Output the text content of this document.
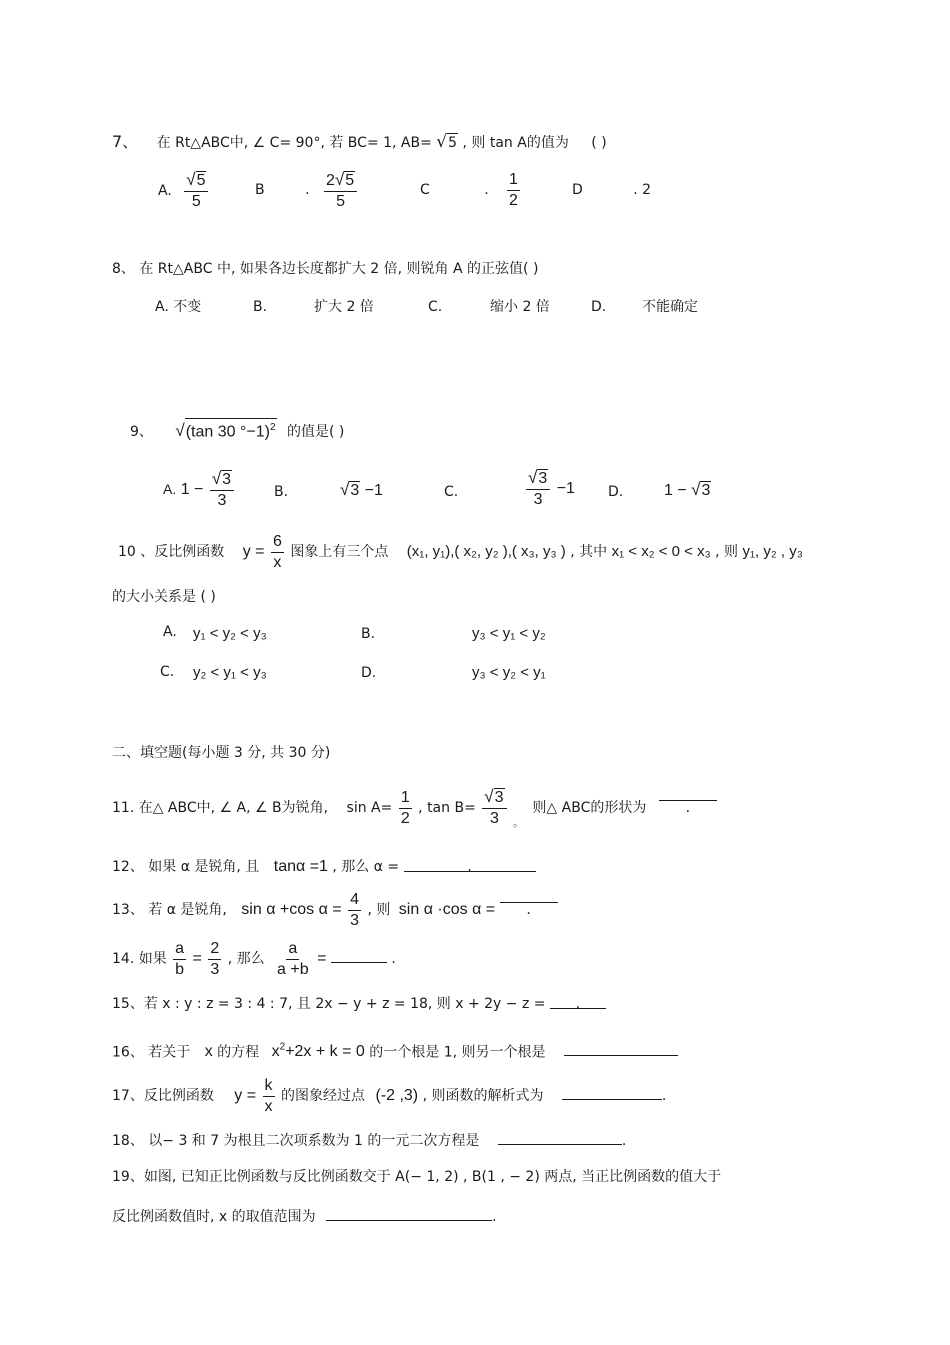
7、 在 Rt△ABC中, ∠ C= 90°, 若 BC= 1, AB= √ 5 , 则 tan A的值为 ( )
A. $\frac{√ 5}{5}$	B	. $\frac{2 √ 5}{5}$	C	. $\frac{1}{2}$	D	. 2
8、 在 Rt△ABC 中, 如果各边长度都扩大 2 倍, 则锐角 A 的正弦值( )
A. 不变	B.	扩大 2 倍	C.	缩小 2 倍	D.	不能确定
9、 √ (tan 30 °−1)$^2$ 的值是( )
A. $1 - \frac{√ 3}{3}$	B.	√ 3 −1	C.	$\frac{√ 3}{3} -1$ D.	1 − √ 3
10 、反比例函数 $y = \frac{6}{x}$ 图象上有三个点 (x₁, y₁),( x₂, y₂ ),( x₃, y₃ ) , 其中 x₁ < x₂ < 0 < x₃ , 则 y₁, y₂ , y₃
的大小关系是 ( )
A. y₁ < y₂ < y₃	B.	y₃ < y₁ < y₂
C. y₂ < y₁ < y₃	D.	y₃ < y₂ < y₁
二、填空题(每小题 3 分, 共 30 分)
11. 在△ ABC中, ∠ A, ∠ B为锐角, $\sin A= \frac{1}{2}$ , $\tan B= \frac{√ 3}{3} _。$ 则△ ABC的形状为	.
12、 如果 α 是锐角, 且 tanα =1 , 那么 α =	.
13、 若 α 是锐角, sin α +cos $\alpha = \frac{4}{3}$ , 则 sin α ·cos α = .
14. 如果 $\frac{a}{b} = \frac{2}{3}$ , 那么 $\frac{a}{a +b}$ =	.
15、若 x : y : z = 3 : 4 : 7, 且 2x − y + z = 18, 则 x + 2y − z = .
16、 若关于 x 的方程 $x^2+2x + k = 0$ 的一个根是 1, 则另一个根是
17、反比例函数 $y = \frac{k}{x}$ 的图象经过点 (-2 ,3) , 则函数的解析式为	.
18、 以− 3 和 7 为根且二次项系数为 1 的一元二次方程是	.
19、如图, 已知正比例函数与反比例函数交于 A(− 1, 2) , B(1 , − 2) 两点, 当正比例函数的值大于
反比例函数值时, x 的取值范围为	.
